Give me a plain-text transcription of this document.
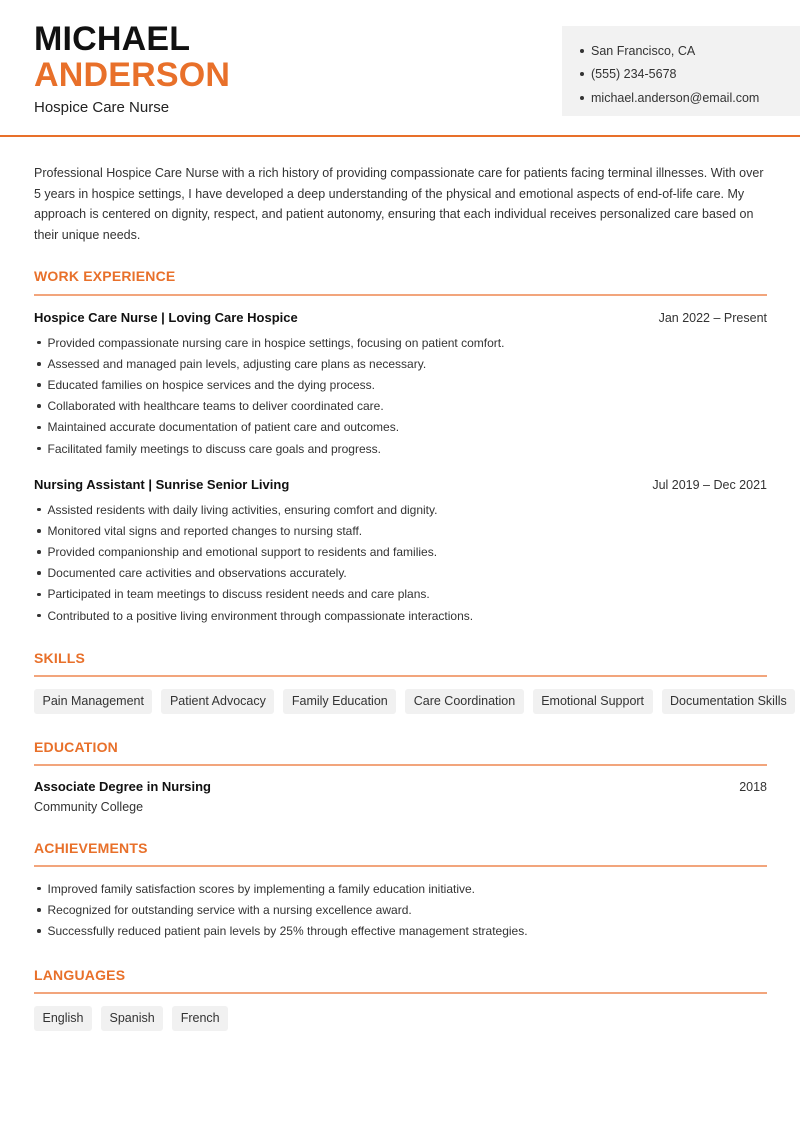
MICHAEL
ANDERSON
Hospice Care Nurse
San Francisco, CA
(555) 234-5678
michael.anderson@email.com

Professional Hospice Care Nurse with a rich history of providing compassionate care for patients facing terminal illnesses. With over 5 years in hospice settings, I have developed a deep understanding of the physical and emotional aspects of end-of-life care. My approach is centered on dignity, respect, and patient autonomy, ensuring that each individual receives personalized care based on their unique needs.

WORK EXPERIENCE
Hospice Care Nurse | Loving Care Hospice	Jan 2022 – Present
Provided compassionate nursing care in hospice settings, focusing on patient comfort.
Assessed and managed pain levels, adjusting care plans as necessary.
Educated families on hospice services and the dying process.
Collaborated with healthcare teams to deliver coordinated care.
Maintained accurate documentation of patient care and outcomes.
Facilitated family meetings to discuss care goals and progress.
Nursing Assistant | Sunrise Senior Living	Jul 2019 – Dec 2021
Assisted residents with daily living activities, ensuring comfort and dignity.
Monitored vital signs and reported changes to nursing staff.
Provided companionship and emotional support to residents and families.
Documented care activities and observations accurately.
Participated in team meetings to discuss resident needs and care plans.
Contributed to a positive living environment through compassionate interactions.
SKILLS
Pain Management	Patient Advocacy	Family Education	Care Coordination	Emotional Support	Documentation Skills
EDUCATION
Associate Degree in Nursing	2018
Community College
ACHIEVEMENTS
Improved family satisfaction scores by implementing a family education initiative.
Recognized for outstanding service with a nursing excellence award.
Successfully reduced patient pain levels by 25% through effective management strategies.
LANGUAGES
English	Spanish	French
